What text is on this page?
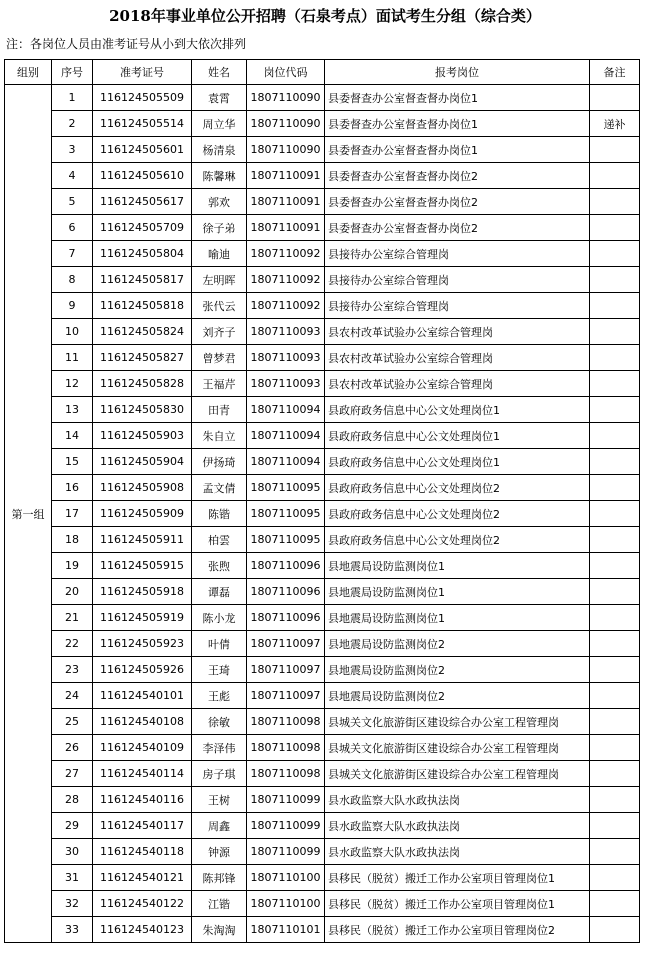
2018年事业单位公开招聘（石泉考点）面试考生分组（综合类）
注：各岗位人员由准考证号从小到大依次排列
组别	序号	准考证号	姓名	岗位代码	报考岗位	备注
第一组	1	116124505509	袁霄	1807110090	县委督查办公室督查督办岗位1	
	2	116124505514	周立华	1807110090	县委督查办公室督查督办岗位1	递补
	3	116124505601	杨清泉	1807110090	县委督查办公室督查督办岗位1	
	4	116124505610	陈馨琳	1807110091	县委督查办公室督查督办岗位2	
	5	116124505617	郭欢	1807110091	县委督查办公室督查督办岗位2	
	6	116124505709	徐子弟	1807110091	县委督查办公室督查督办岗位2	
	7	116124505804	喻迪	1807110092	县接待办公室综合管理岗	
	8	116124505817	左明晖	1807110092	县接待办公室综合管理岗	
	9	116124505818	张代云	1807110092	县接待办公室综合管理岗	
	10	116124505824	刘齐子	1807110093	县农村改革试验办公室综合管理岗	
	11	116124505827	曾梦君	1807110093	县农村改革试验办公室综合管理岗	
	12	116124505828	王福芹	1807110093	县农村改革试验办公室综合管理岗	
	13	116124505830	田青	1807110094	县政府政务信息中心公文处理岗位1	
	14	116124505903	朱自立	1807110094	县政府政务信息中心公文处理岗位1	
	15	116124505904	伊扬琦	1807110094	县政府政务信息中心公文处理岗位1	
	16	116124505908	孟文倩	1807110095	县政府政务信息中心公文处理岗位2	
	17	116124505909	陈锴	1807110095	县政府政务信息中心公文处理岗位2	
	18	116124505911	柏雲	1807110095	县政府政务信息中心公文处理岗位2	
	19	116124505915	张煦	1807110096	县地震局设防监测岗位1	
	20	116124505918	谭磊	1807110096	县地震局设防监测岗位1	
	21	116124505919	陈小龙	1807110096	县地震局设防监测岗位1	
	22	116124505923	叶倩	1807110097	县地震局设防监测岗位2	
	23	116124505926	王琦	1807110097	县地震局设防监测岗位2	
	24	116124540101	王彪	1807110097	县地震局设防监测岗位2	
	25	116124540108	徐敏	1807110098	县城关文化旅游街区建设综合办公室工程管理岗	
	26	116124540109	李泽伟	1807110098	县城关文化旅游街区建设综合办公室工程管理岗	
	27	116124540114	房子琪	1807110098	县城关文化旅游街区建设综合办公室工程管理岗	
	28	116124540116	王树	1807110099	县水政监察大队水政执法岗	
	29	116124540117	周鑫	1807110099	县水政监察大队水政执法岗	
	30	116124540118	钟源	1807110099	县水政监察大队水政执法岗	
	31	116124540121	陈邦锋	1807110100	县移民（脱贫）搬迁工作办公室项目管理岗位1	
	32	116124540122	江锴	1807110100	县移民（脱贫）搬迁工作办公室项目管理岗位1	
	33	116124540123	朱淘淘	1807110101	县移民（脱贫）搬迁工作办公室项目管理岗位2	
